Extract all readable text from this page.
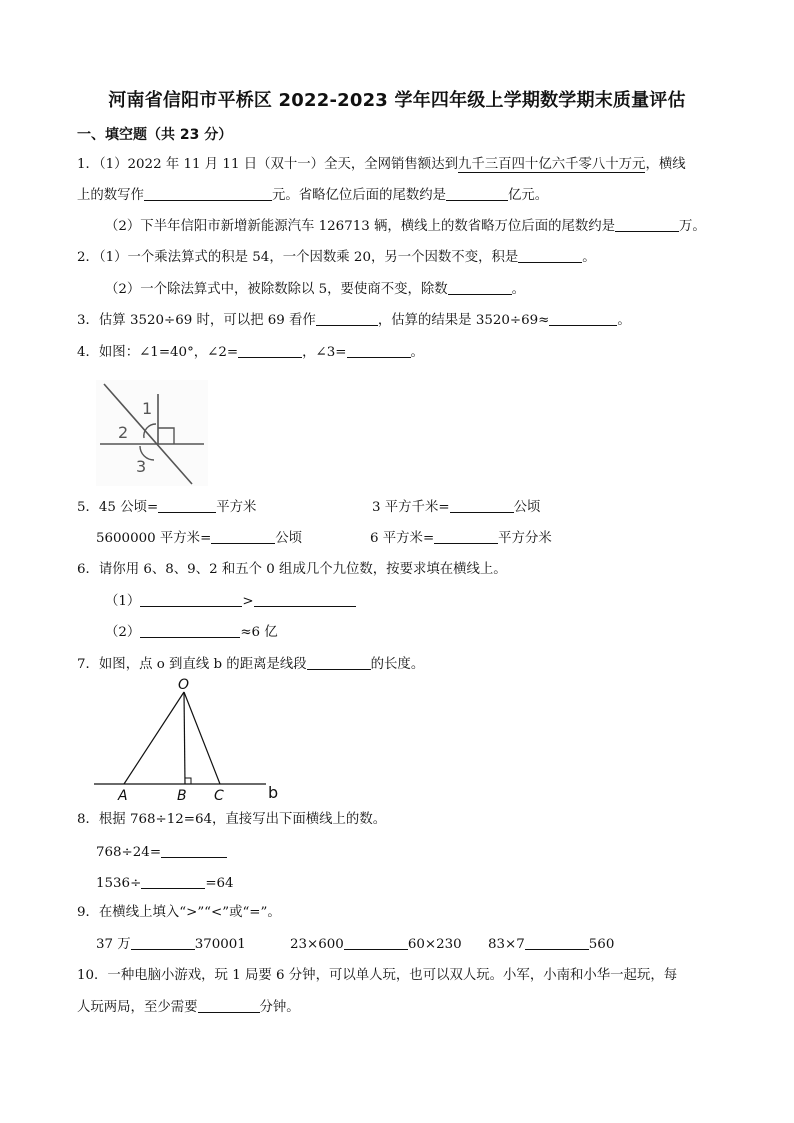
河南省信阳市平桥区 2022-2023 学年四年级上学期数学期末质量评估
一、填空题（共 23 分）
1．（1）2022 年 11 月 11 日（双十一）全天，全网销售额达到九千三百四十亿六千零八十万元，横线
上的数写作	元。省略亿位后面的尾数约是	亿元。
（2）下半年信阳市新增新能源汽车 126713 辆，横线上的数省略万位后面的尾数约是	万。
2．（1）一个乘法算式的积是 54，一个因数乘 20，另一个因数不变，积是	。
（2）一个除法算式中，被除数除以 5，要使商不变，除数	。
3．估算 3520÷69 时，可以把 69 看作	，估算的结果是 3520÷69≈	。
4．如图：∠1=40°，∠2=	，∠3=	。
1
2
3
5．45 公顷=	平方米	3 平方千米=	公顷
5600000 平方米=	公顷	6 平方米=	平方分米
6．请你用 6、8、9、2 和五个 0 组成几个九位数，按要求填在横线上。
（1）	>
（2）	≈6 亿
7．如图，点 o 到直线 b 的距离是线段	的长度。
O
A	B C	b
8．根据 768÷12=64，直接写出下面横线上的数。
768÷24=
1536÷	=64
9．在横线上填入“>”“<”或“=”。
37 万	370001	23×600	60×230 83×7	560
10．一种电脑小游戏，玩 1 局要 6 分钟，可以单人玩，也可以双人玩。小军，小南和小华一起玩，每
人玩两局，至少需要	分钟。
